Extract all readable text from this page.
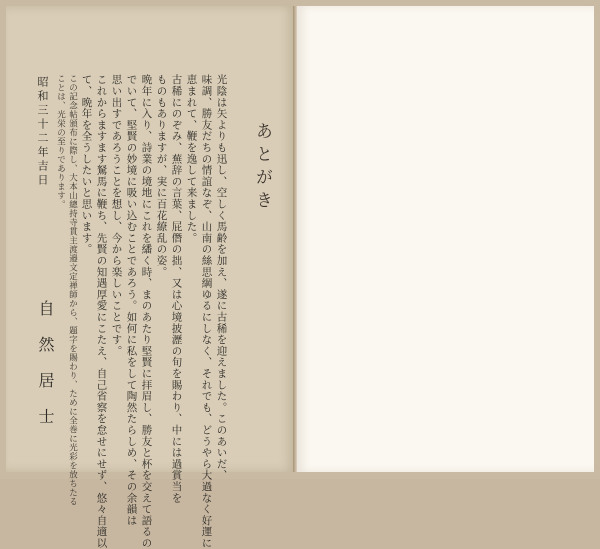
あとがき
光陰は矢よりも迅し、空しく馬齢を加え、遂に古稀を迎えました。このあいだ、
味調、勝友だちの情誼なぞ、山南の絲思綱ゆるにしなく、それでも、どうやら大過なく好運に
恵まれて、鞭を逸して来ました。
古稀にのぞみ、蕪辞の言葉、屁僭の拙、又は心境披瀝の旬を賜わり、中には過賞当を
ものもありますが、実に百花繚乱の姿。
晩年に入り、詩業の境地にこれを繙く時、まのあたり堅賢に拝眉し、勝友と杯を交えて語るの
でいて、堅賢の妙境に吸い込むことであろう。如何に私をして陶然たらしめ、その余韻は
思い出すであろうことを想し、今から楽しいことです。
これからますます駑馬に鞭ち、先賢の知遇厚愛にこたえ、自己省察を怠せにせず、悠々自適以
て、晩年を全うしたいと思います。
この記念帖頒布に際し、大本山總持寺貫主渡邉文定禅師から、題字を賜わり、ために全巻に光彩を放ちたる
ことは、光栄の至りであります。
昭和三十二年吉日
自然居士
